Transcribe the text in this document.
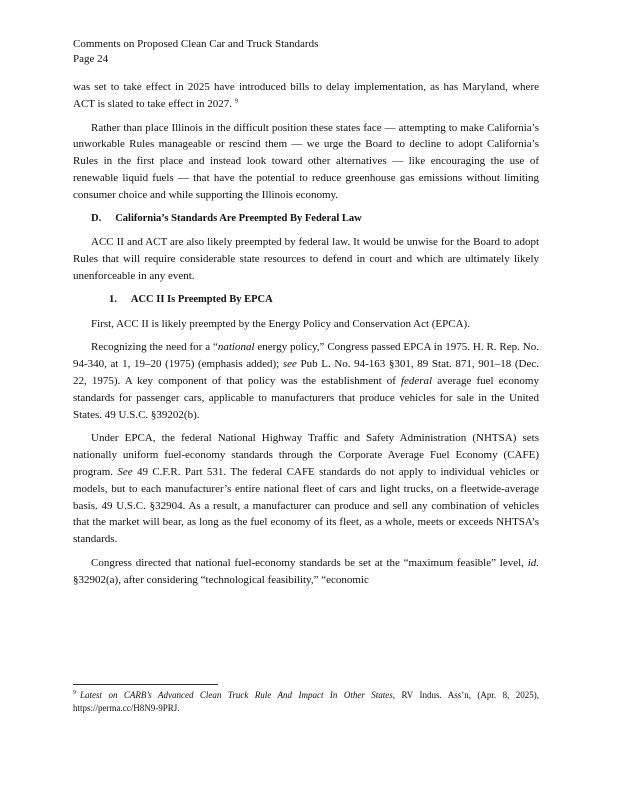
Comments on Proposed Clean Car and Truck Standards
Page 24

was set to take effect in 2025 have introduced bills to delay implementation, as has Maryland, where ACT is slated to take effect in 2027. $^9$

Rather than place Illinois in the difficult position these states face — attempting to make California’s unworkable Rules manageable or rescind them — we urge the Board to decline to adopt California’s Rules in the first place and instead look toward other alternatives — like encouraging the use of renewable liquid fuels — that have the potential to reduce greenhouse gas emissions without limiting consumer choice and while supporting the Illinois economy.

D. California’s Standards Are Preempted By Federal Law

ACC II and ACT are also likely preempted by federal law. It would be unwise for the Board to adopt Rules that will require considerable state resources to defend in court and which are ultimately likely unenforceable in any event.

1. ACC II Is Preempted By EPCA

First, ACC II is likely preempted by the Energy Policy and Conservation Act (EPCA).

Recognizing the need for a “national energy policy,” Congress passed EPCA in 1975. H. R. Rep. No. 94-340, at 1, 19–20 (1975) (emphasis added); see Pub L. No. 94-163 §301, 89 Stat. 871, 901–18 (Dec. 22, 1975). A key component of that policy was the establishment of federal average fuel economy standards for passenger cars, applicable to manufacturers that produce vehicles for sale in the United States. 49 U.S.C. §39202(b).

Under EPCA, the federal National Highway Traffic and Safety Administration (NHTSA) sets nationally uniform fuel-economy standards through the Corporate Average Fuel Economy (CAFE) program. See 49 C.F.R. Part 531. The federal CAFE standards do not apply to individual vehicles or models, but to each manufacturer’s entire national fleet of cars and light trucks, on a fleetwide-average basis. 49 U.S.C. §32904. As a result, a manufacturer can produce and sell any combination of vehicles that the market will bear, as long as the fuel economy of its fleet, as a whole, meets or exceeds NHTSA’s standards.

Congress directed that national fuel-economy standards be set at the “maximum feasible” level, id. §32902(a), after considering “technological feasibility,” “economic

$^9$ Latest on CARB’s Advanced Clean Truck Rule And Impact In Other States, RV Indus. Ass’n, (Apr. 8, 2025), https://perma.cc/H8N9-9PRJ.
